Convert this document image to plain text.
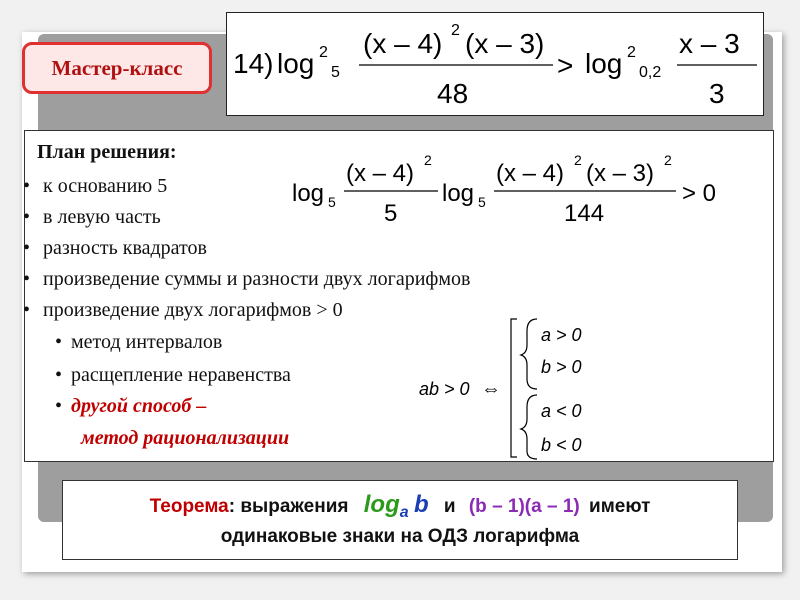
Мастер-класс	14) log 2
5
(x – 4) 2 (x – 3)
48
> log 2
0,2
x – 3
3
План решения:
• к основанию 5
• в левую часть
• разность квадратов
• произведение суммы и разности двух логарифмов
• произведение двух логарифмов > 0
• метод интервалов
• расщепление неравенства
• другой способ –
метод рационализации
log 5
(x – 4) 2
5
log 5
(x – 4) 2 (x – 3) 2
144
> 0
ab > 0 ⇔
a > 0
b > 0
a < 0
b < 0
Теорема: выражения $\log_a b$ и (b – 1)(a – 1) имеют
одинаковые знаки на ОДЗ логарифма
